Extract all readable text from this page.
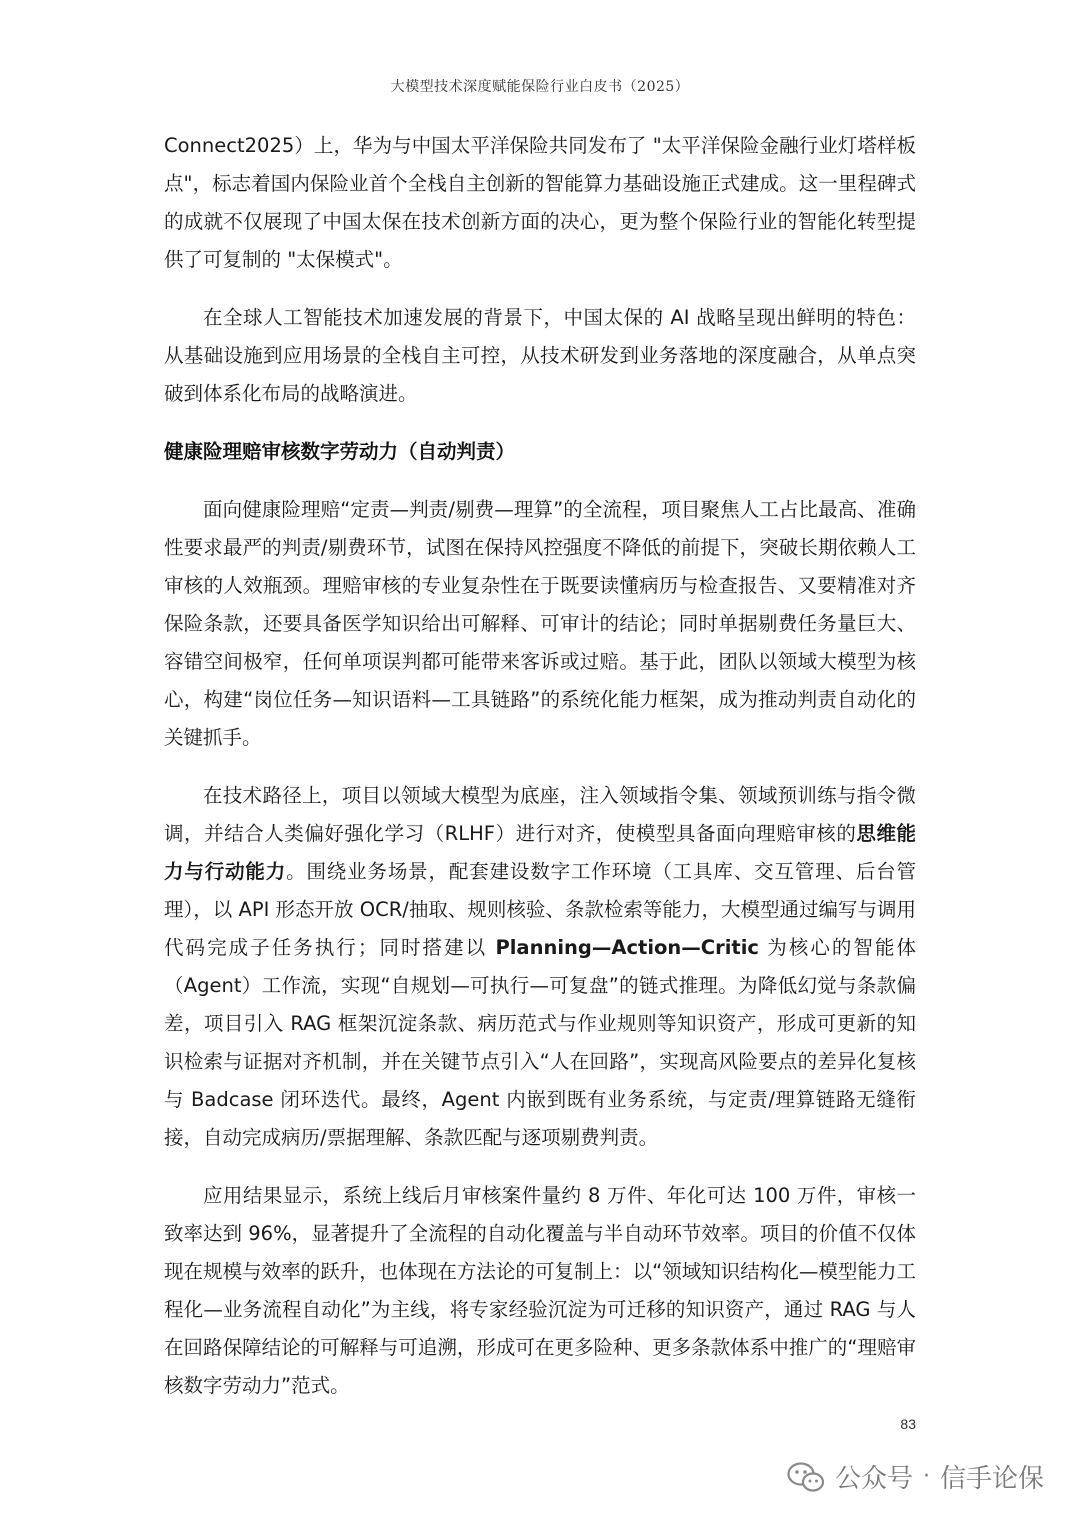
大模型技术深度赋能保险行业白皮书（2025）

Connect2025）上，华为与中国太平洋保险共同发布了 "太平洋保险金融行业灯塔样板点"，标志着国内保险业首个全栈自主创新的智能算力基础设施正式建成。这一里程碑式的成就不仅展现了中国太保在技术创新方面的决心，更为整个保险行业的智能化转型提供了可复制的 "太保模式"。

在全球人工智能技术加速发展的背景下，中国太保的 AI 战略呈现出鲜明的特色：从基础设施到应用场景的全栈自主可控，从技术研发到业务落地的深度融合，从单点突破到体系化布局的战略演进。

健康险理赔审核数字劳动力（自动判责）

面向健康险理赔“定责—判责/剔费—理算”的全流程，项目聚焦人工占比最高、准确性要求最严的判责/剔费环节，试图在保持风控强度不降低的前提下，突破长期依赖人工审核的人效瓶颈。理赔审核的专业复杂性在于既要读懂病历与检查报告、又要精准对齐保险条款，还要具备医学知识给出可解释、可审计的结论；同时单据剔费任务量巨大、容错空间极窄，任何单项误判都可能带来客诉或过赔。基于此，团队以领域大模型为核心，构建“岗位任务—知识语料—工具链路”的系统化能力框架，成为推动判责自动化的关键抓手。

在技术路径上，项目以领域大模型为底座，注入领域指令集、领域预训练与指令微调，并结合人类偏好强化学习（RLHF）进行对齐，使模型具备面向理赔审核的思维能力与行动能力。围绕业务场景，配套建设数字工作环境（工具库、交互管理、后台管理），以 API 形态开放 OCR/抽取、规则核验、条款检索等能力，大模型通过编写与调用代码完成子任务执行；同时搭建以 Planning—Action—Critic 为核心的智能体（Agent）工作流，实现“自规划—可执行—可复盘”的链式推理。为降低幻觉与条款偏差，项目引入 RAG 框架沉淀条款、病历范式与作业规则等知识资产，形成可更新的知识检索与证据对齐机制，并在关键节点引入“人在回路”，实现高风险要点的差异化复核与 Badcase 闭环迭代。最终，Agent 内嵌到既有业务系统，与定责/理算链路无缝衔接，自动完成病历/票据理解、条款匹配与逐项剔费判责。

应用结果显示，系统上线后月审核案件量约 8 万件、年化可达 100 万件，审核一致率达到 96%，显著提升了全流程的自动化覆盖与半自动环节效率。项目的价值不仅体现在规模与效率的跃升，也体现在方法论的可复制上：以“领域知识结构化—模型能力工程化—业务流程自动化”为主线，将专家经验沉淀为可迁移的知识资产，通过 RAG 与人在回路保障结论的可解释与可追溯，形成可在更多险种、更多条款体系中推广的“理赔审核数字劳动力”范式。

83
公众号 · 信手论保
